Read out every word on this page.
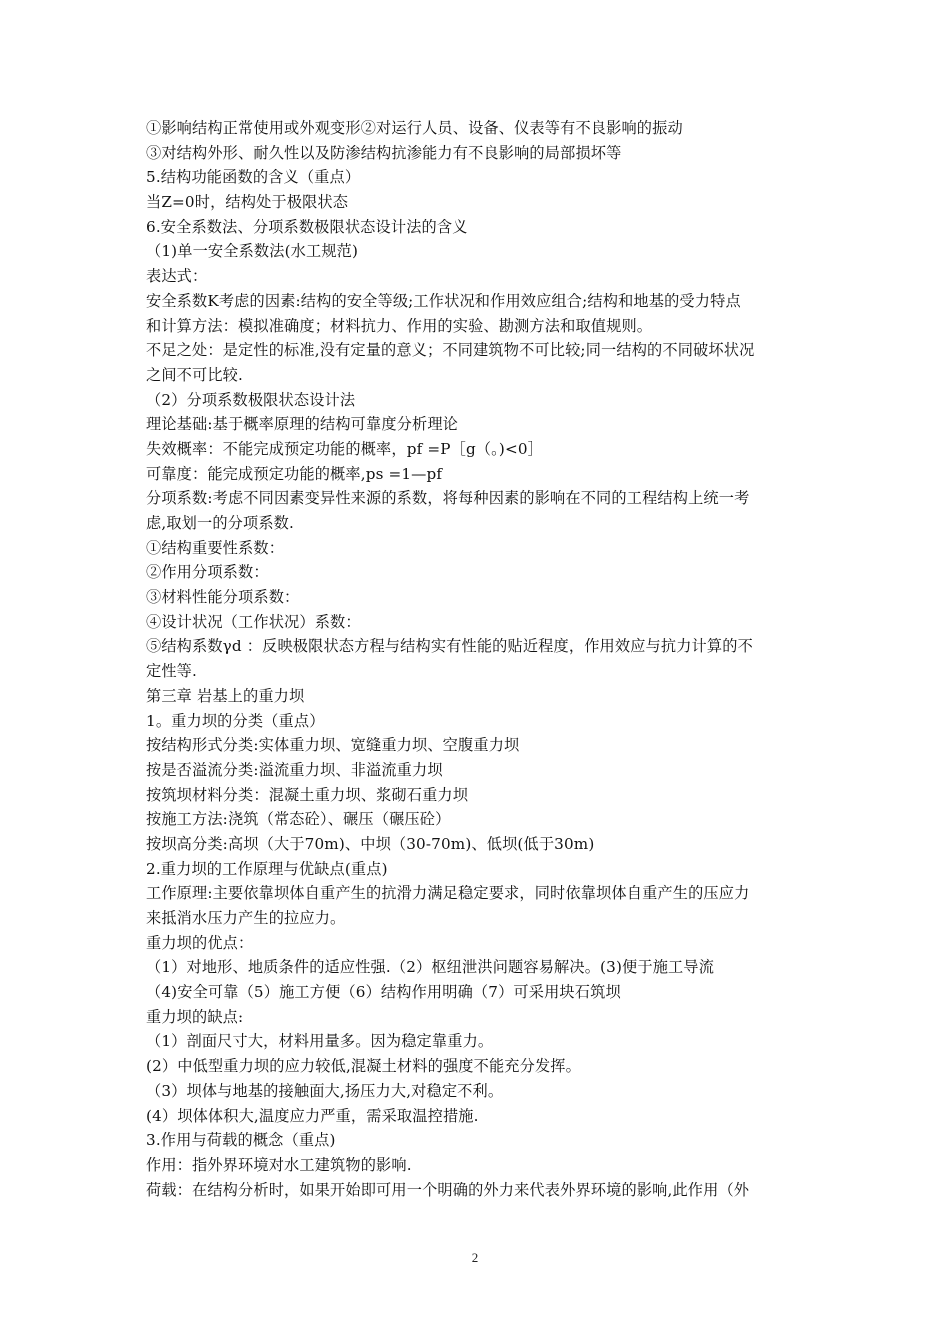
①影响结构正常使用或外观变形②对运行人员、设备、仪表等有不良影响的振动
③对结构外形、耐久性以及防渗结构抗渗能力有不良影响的局部损坏等
5.结构功能函数的含义（重点）
当Z=0时，结构处于极限状态
6.安全系数法、分项系数极限状态设计法的含义
（1)单一安全系数法(水工规范)
表达式：
安全系数K考虑的因素:结构的安全等级;工作状况和作用效应组合;结构和地基的受力特点
和计算方法：模拟准确度；材料抗力、作用的实验、勘测方法和取值规则。
不足之处：是定性的标准,没有定量的意义；不同建筑物不可比较;同一结构的不同破坏状况
之间不可比较.
（2）分项系数极限状态设计法
理论基础:基于概率原理的结构可靠度分析理论
失效概率：不能完成预定功能的概率，pf =P［g（。)<0］
可靠度：能完成预定功能的概率,ps =1—pf
分项系数:考虑不同因素变异性来源的系数，将每种因素的影响在不同的工程结构上统一考
虑,取划一的分项系数.
①结构重要性系数：
②作用分项系数：
③材料性能分项系数：
④设计状况（工作状况）系数：
⑤结构系数γd ：反映极限状态方程与结构实有性能的贴近程度，作用效应与抗力计算的不
定性等.
第三章 岩基上的重力坝
1。重力坝的分类（重点）
按结构形式分类:实体重力坝、宽缝重力坝、空腹重力坝
按是否溢流分类:溢流重力坝、非溢流重力坝
按筑坝材料分类：混凝土重力坝、浆砌石重力坝
按施工方法:浇筑（常态砼）、碾压（碾压砼）
按坝高分类:高坝（大于70m)、中坝（30-70m)、低坝(低于30m)
2.重力坝的工作原理与优缺点(重点)
工作原理:主要依靠坝体自重产生的抗滑力满足稳定要求，同时依靠坝体自重产生的压应力
来抵消水压力产生的拉应力。
重力坝的优点：
（1）对地形、地质条件的适应性强.（2）枢纽泄洪问题容易解决。(3)便于施工导流
（4)安全可靠（5）施工方便（6）结构作用明确（7）可采用块石筑坝
重力坝的缺点:
（1）剖面尺寸大，材料用量多。因为稳定靠重力。
(2）中低型重力坝的应力较低,混凝土材料的强度不能充分发挥。
（3）坝体与地基的接触面大,扬压力大,对稳定不利。
(4）坝体体积大,温度应力严重，需采取温控措施.
3.作用与荷载的概念（重点)
作用：指外界环境对水工建筑物的影响.
荷载：在结构分析时，如果开始即可用一个明确的外力来代表外界环境的影响,此作用（外
2
